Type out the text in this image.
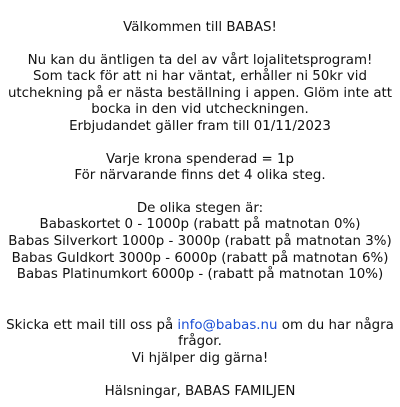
Välkommen till BABAS!

Nu kan du äntligen ta del av vårt lojalitetsprogram!
Som tack för att ni har väntat, erhåller ni 50kr vid
utchekning på er nästa beställning i appen. Glöm inte att
bocka in den vid utcheckningen.
Erbjudandet gäller fram till 01/11/2023

Varje krona spenderad = 1p
För närvarande finns det 4 olika steg.

De olika stegen är:
Babaskortet 0 - 1000p (rabatt på matnotan 0%)
Babas Silverkort 1000p - 3000p (rabatt på matnotan 3%)
Babas Guldkort 3000p - 6000p (rabatt på matnotan 6%)
Babas Platinumkort 6000p - (rabatt på matnotan 10%)

Skicka ett mail till oss på info@babas.nu om du har några
frågor.
Vi hjälper dig gärna!

Hälsningar, BABAS FAMILJEN
